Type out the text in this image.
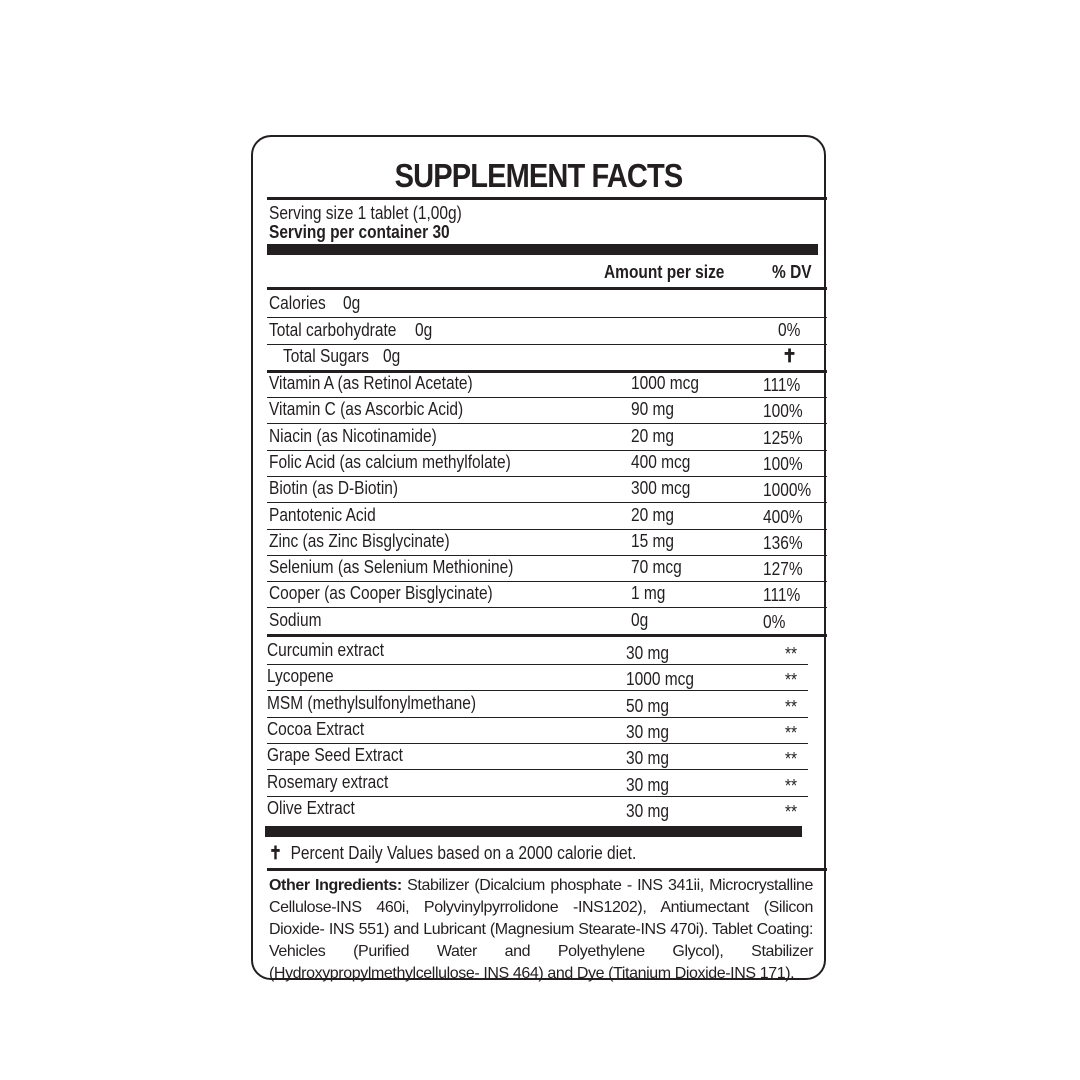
SUPPLEMENT FACTS
Serving size 1 tablet (1,00g)
Serving per container 30
Amount per size	% DV
Calories 0g
Total carbohydrate 0g	0%
Total Sugars 0g	✝
Vitamin A (as Retinol Acetate)	1000 mcg	111%
Vitamin C (as Ascorbic Acid)	90 mg	100%
Niacin (as Nicotinamide)	20 mg	125%
Folic Acid (as calcium methylfolate)	400 mcg	100%
Biotin (as D-Biotin)	300 mcg	1000%
Pantotenic Acid	20 mg	400%
Zinc (as Zinc Bisglycinate)	15 mg	136%
Selenium (as Selenium Methionine)	70 mcg	127%
Cooper (as Cooper Bisglycinate)	1 mg	111%
Sodium	0g	0%
Curcumin extract	30 mg	**
Lycopene	1000 mcg	**
MSM (methylsulfonylmethane)	50 mg	**
Cocoa Extract	30 mg	**
Grape Seed Extract	30 mg	**
Rosemary extract	30 mg	**
Olive Extract	30 mg	**
✝ Percent Daily Values based on a 2000 calorie diet.
Other Ingredients: Stabilizer (Dicalcium phosphate - INS 341ii, Microcrystalline Cellulose-INS 460i, Polyvinylpyrrolidone -INS1202), Antiumectant (Silicon Dioxide- INS 551) and Lubricant (Magnesium Stearate-INS 470i). Tablet Coating: Vehicles (Purified Water and Polyethylene Glycol), Stabilizer (Hydroxypropylmethylcellulose- INS 464) and Dye (Titanium Dioxide-INS 171).
